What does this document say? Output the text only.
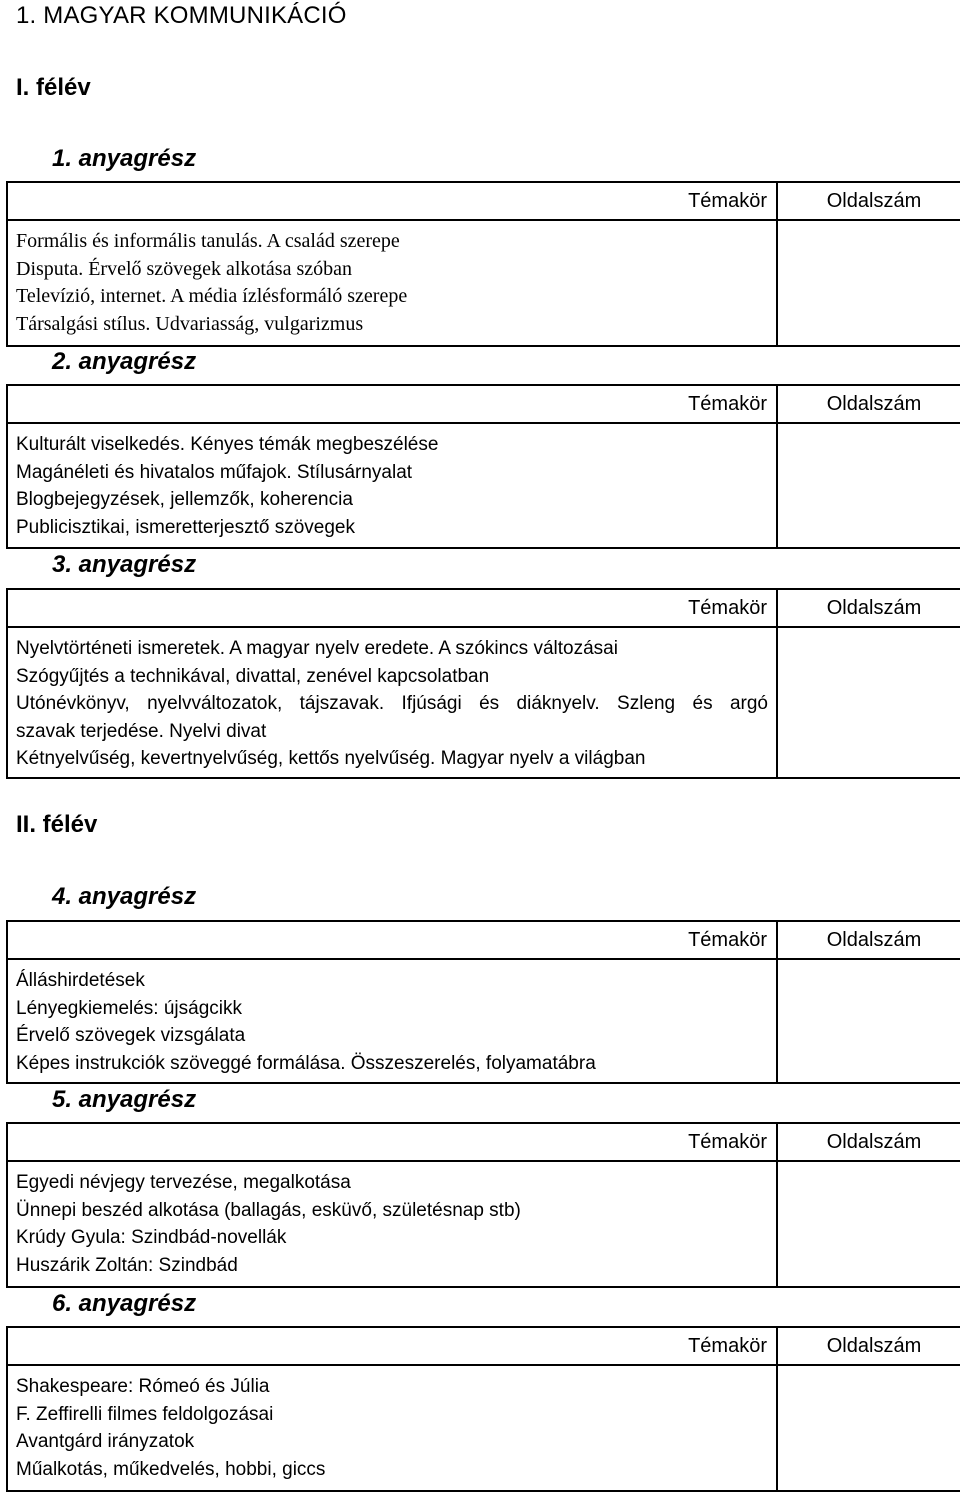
1. MAGYAR KOMMUNIKÁCIÓ
I. félév
1. anyagrész
Témakör	Oldalszám

Formális és informális tanulás. A család szerepe
Disputa. Érvelő szövegek alkotása szóban
Televízió, internet. A média ízlésformáló szerepe
Társalgási stílus. Udvariasság, vulgarizmus	

2. anyagrész
Témakör	Oldalszám

Kulturált viselkedés. Kényes témák megbeszélése
Magánéleti és hivatalos műfajok. Stílusárnyalat
Blogbejegyzések, jellemzők, koherencia
Publicisztikai, ismeretterjesztő szövegek	

3. anyagrész
Témakör	Oldalszám

Nyelvtörténeti ismeretek. A magyar nyelv eredete. A szókincs változásai
Szógyűjtés a technikával, divattal, zenével kapcsolatban
Utónévkönyv, nyelvváltozatok, tájszavak. Ifjúsági és diáknyelv. Szleng és argó
szavak terjedése. Nyelvi divat
Kétnyelvűség, kevertnyelvűség, kettős nyelvűség. Magyar nyelv a világban	

II. félév
4. anyagrész
Témakör	Oldalszám

Álláshirdetések
Lényegkiemelés: újságcikk
Érvelő szövegek vizsgálata
Képes instrukciók szöveggé formálása. Összeszerelés, folyamatábra	

5. anyagrész
Témakör	Oldalszám

Egyedi névjegy tervezése, megalkotása
Ünnepi beszéd alkotása (ballagás, esküvő, születésnap stb)
Krúdy Gyula: Szindbád-novellák
Huszárik Zoltán: Szindbád	

6. anyagrész
Témakör	Oldalszám

Shakespeare: Rómeó és Júlia
F. Zeffirelli filmes feldolgozásai
Avantgárd irányzatok
Műalkotás, műkedvelés, hobbi, giccs	
